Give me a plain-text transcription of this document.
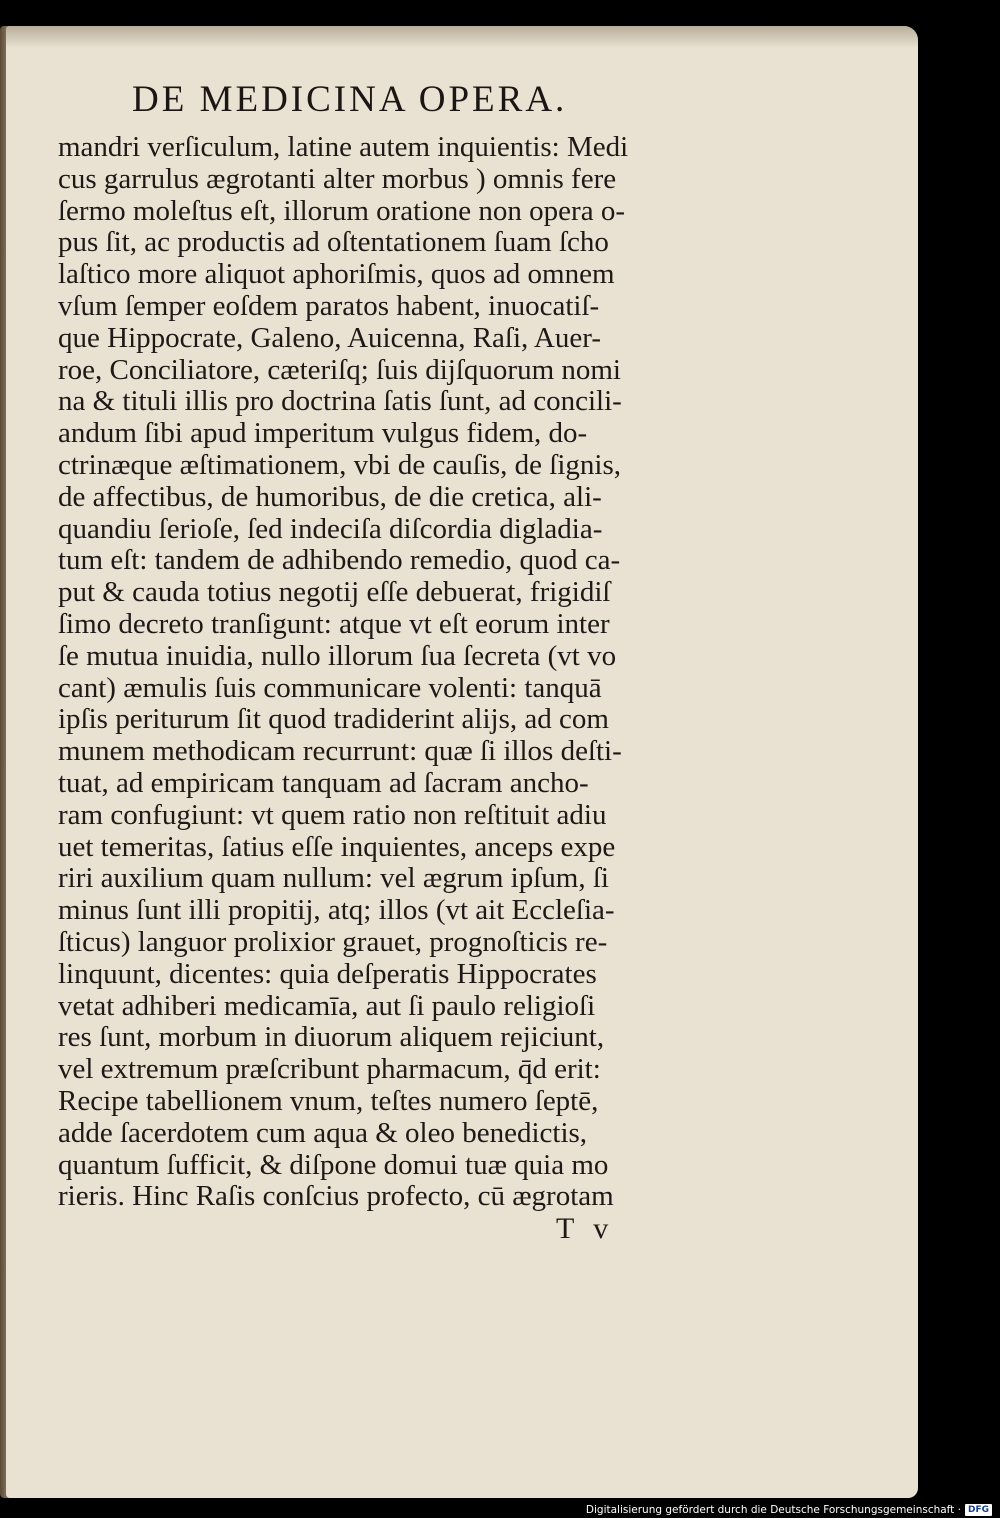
DE MEDICINA OPERA.
mandri verſiculum, latine autem inquientis: Medi
cus garrulus ægrotanti alter morbus ) omnis fere
ſermo moleſtus eſt, illorum oratione non opera o-
pus ſit, ac productis ad oſtentationem ſuam ſcho
laſtico more aliquot aphoriſmis, quos ad omnem
vſum ſemper eoſdem paratos habent, inuocatiſ-
que Hippocrate, Galeno, Auicenna, Raſi, Auer-
roe, Conciliatore, cæteriſq; ſuis dijſquorum nomi
na & tituli illis pro doctrina ſatis ſunt, ad concili-
andum ſibi apud imperitum vulgus fidem, do-
ctrinæque æſtimationem, vbi de cauſis, de ſignis,
de affectibus, de humoribus, de die cretica, ali-
quandiu ſerioſe, ſed indeciſa diſcordia digladia-
tum eſt: tandem de adhibendo remedio, quod ca-
put & cauda totius negotij eſſe debuerat, frigidiſ
ſimo decreto tranſigunt: atque vt eſt eorum inter
ſe mutua inuidia, nullo illorum ſua ſecreta (vt vo
cant) æmulis ſuis communicare volenti: tanquā
ipſis periturum ſit quod tradiderint alijs, ad com
munem methodicam recurrunt: quæ ſi illos deſti-
tuat, ad empiricam tanquam ad ſacram ancho-
ram confugiunt: vt quem ratio non reſtituit adiu
uet temeritas, ſatius eſſe inquientes, anceps expe
riri auxilium quam nullum: vel ægrum ipſum, ſi
minus ſunt illi propitij, atq; illos (vt ait Eccleſia-
ſticus) languor prolixior grauet, prognoſticis re-
linquunt, dicentes: quia deſperatis Hippocrates
vetat adhiberi medicamīa, aut ſi paulo religioſi
res ſunt, morbum in diuorum aliquem rejiciunt,
vel extremum præſcribunt pharmacum, q̄d erit:
Recipe tabellionem vnum, teſtes numero ſeptē,
adde ſacerdotem cum aqua & oleo benedictis,
quantum ſufficit, & diſpone domui tuæ quia mo
rieris. Hinc Raſis conſcius profecto, cū ægrotam
T v
Digitalisierung gefördert durch die Deutsche Forschungsgemeinschaft · DFG
